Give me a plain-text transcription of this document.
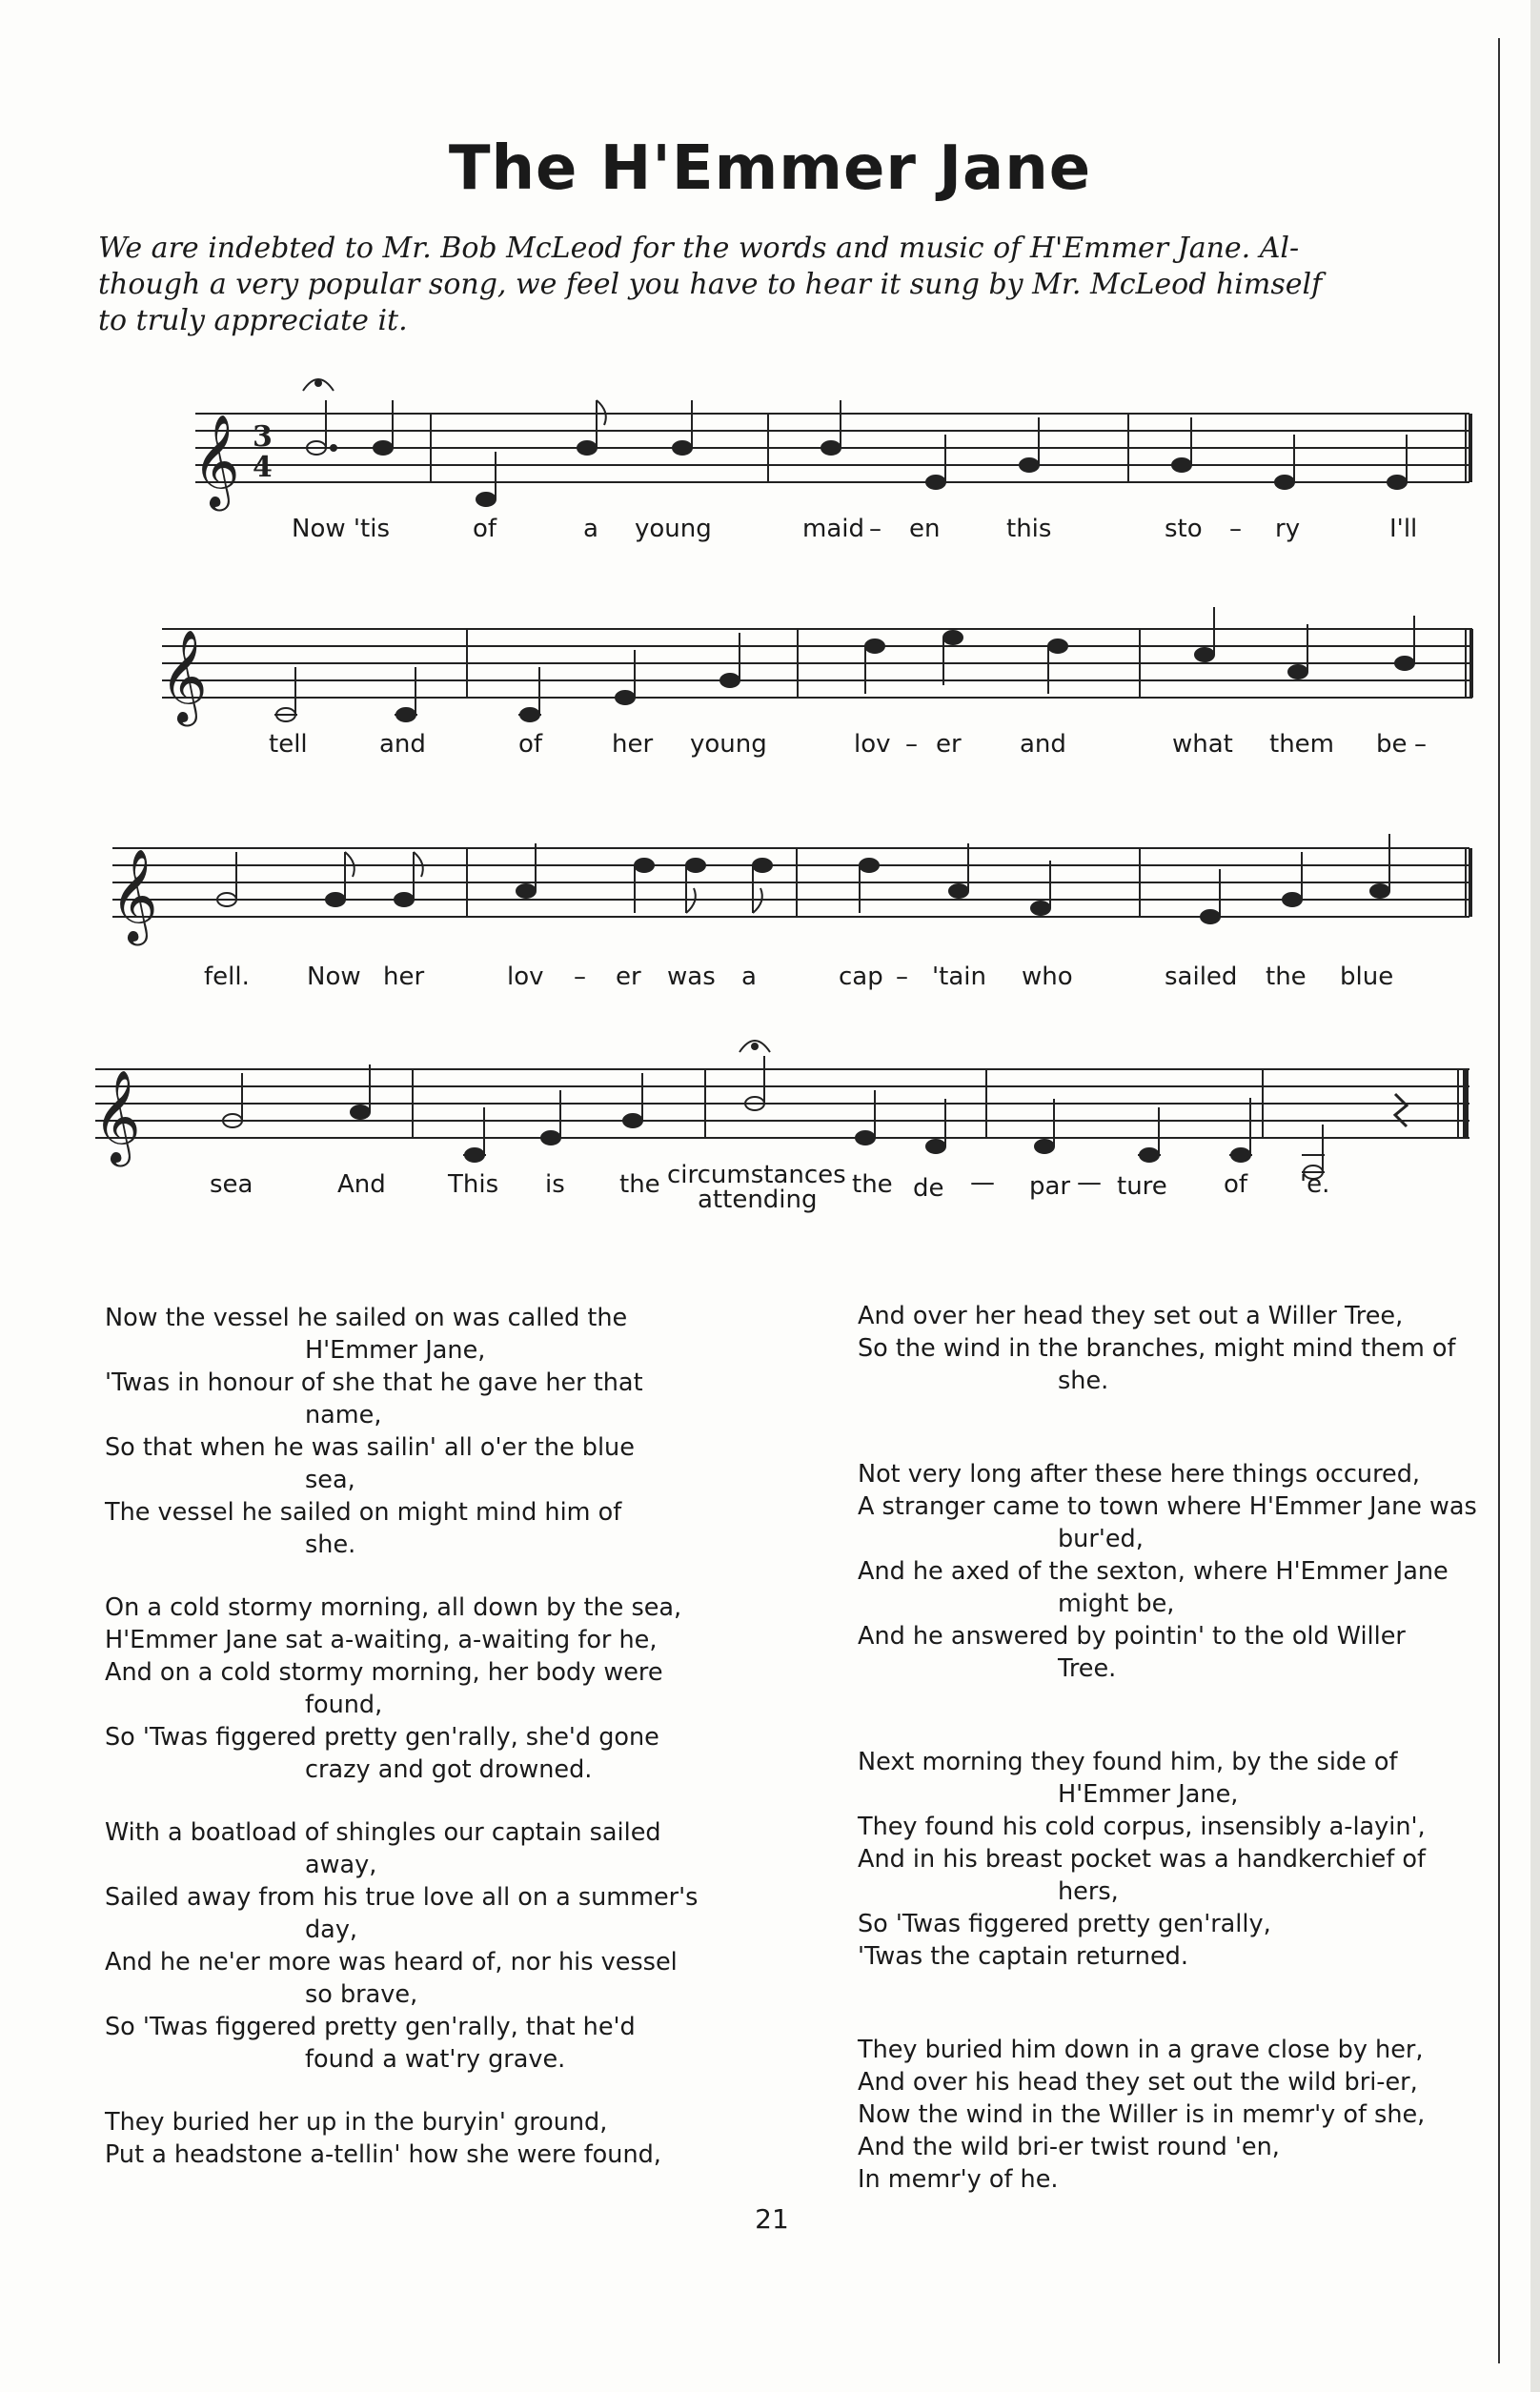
The H'Emmer Jane
We are indebted to Mr. Bob McLeod for the words and music of H'Emmer Jane. Al-
though a very popular song, we feel you have to hear it sung by Mr. McLeod himself
to truly appreciate it.
𝄞 3
4
𝄞
𝄞
𝄞
Now 'tis	of	a young	maid – en	this	sto – ry	I'll
tell	and	of	her young	lov – er and	what them be –
fell. Now her	lov – er was a	cap – 'tain who	sailed the blue
sea	And	This is the circumstances
attending
the de — par — ture of 'e.
Now the vessel he sailed on was called the
H'Emmer Jane,
'Twas in honour of she that he gave her that
name,
So that when he was sailin' all o'er the blue
sea,
The vessel he sailed on might mind him of
she.
On a cold stormy morning, all down by the sea,
H'Emmer Jane sat a-waiting, a-waiting for he,
And on a cold stormy morning, her body were
found,
So 'Twas figgered pretty gen'rally, she'd gone
crazy and got drowned.
With a boatload of shingles our captain sailed
away,
Sailed away from his true love all on a summer's
day,
And he ne'er more was heard of, nor his vessel
so brave,
So 'Twas figgered pretty gen'rally, that he'd
found a wat'ry grave.
They buried her up in the buryin' ground,
Put a headstone a-tellin' how she were found,
And over her head they set out a Willer Tree,
So the wind in the branches, might mind them of
she.
Not very long after these here things occured,
A stranger came to town where H'Emmer Jane was
bur'ed,
And he axed of the sexton, where H'Emmer Jane
might be,
And he answered by pointin' to the old Willer
Tree.
Next morning they found him, by the side of
H'Emmer Jane,
They found his cold corpus, insensibly a-layin',
And in his breast pocket was a handkerchief of
hers,
So 'Twas figgered pretty gen'rally,
'Twas the captain returned.
They buried him down in a grave close by her,
And over his head they set out the wild bri-er,
Now the wind in the Willer is in memr'y of she,
And the wild bri-er twist round 'en,
In memr'y of he.
21
